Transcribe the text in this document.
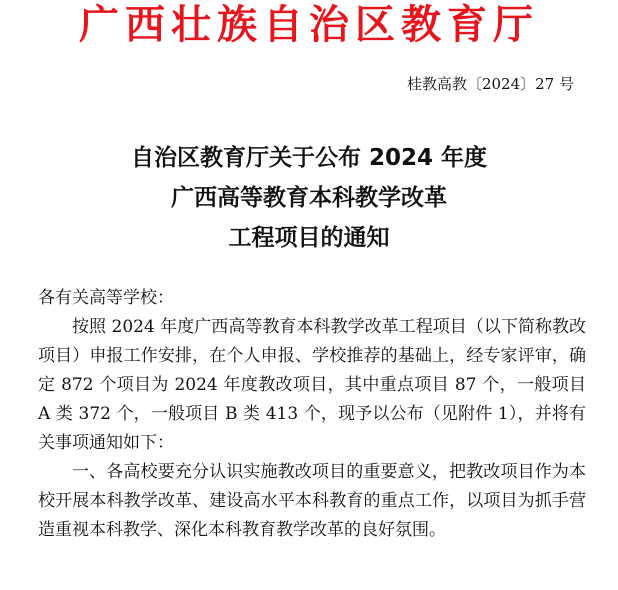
广西壮族自治区教育厅
桂教高教〔2024〕27 号
自治区教育厅关于公布 2024 年度
广西高等教育本科教学改革
工程项目的通知
各有关高等学校：

按照 2024 年度广西高等教育本科教学改革工程项目（以下简称教改项目）申报工作安排，在个人申报、学校推荐的基础上，经专家评审，确定 872 个项目为 2024 年度教改项目，其中重点项目 87 个，一般项目 A 类 372 个，一般项目 B 类 413 个，现予以公布（见附件 1），并将有关事项通知如下：

一、各高校要充分认识实施教改项目的重要意义，把教改项目作为本校开展本科教学改革、建设高水平本科教育的重点工作，以项目为抓手营造重视本科教学、深化本科教育教学改革的良好氛围。
